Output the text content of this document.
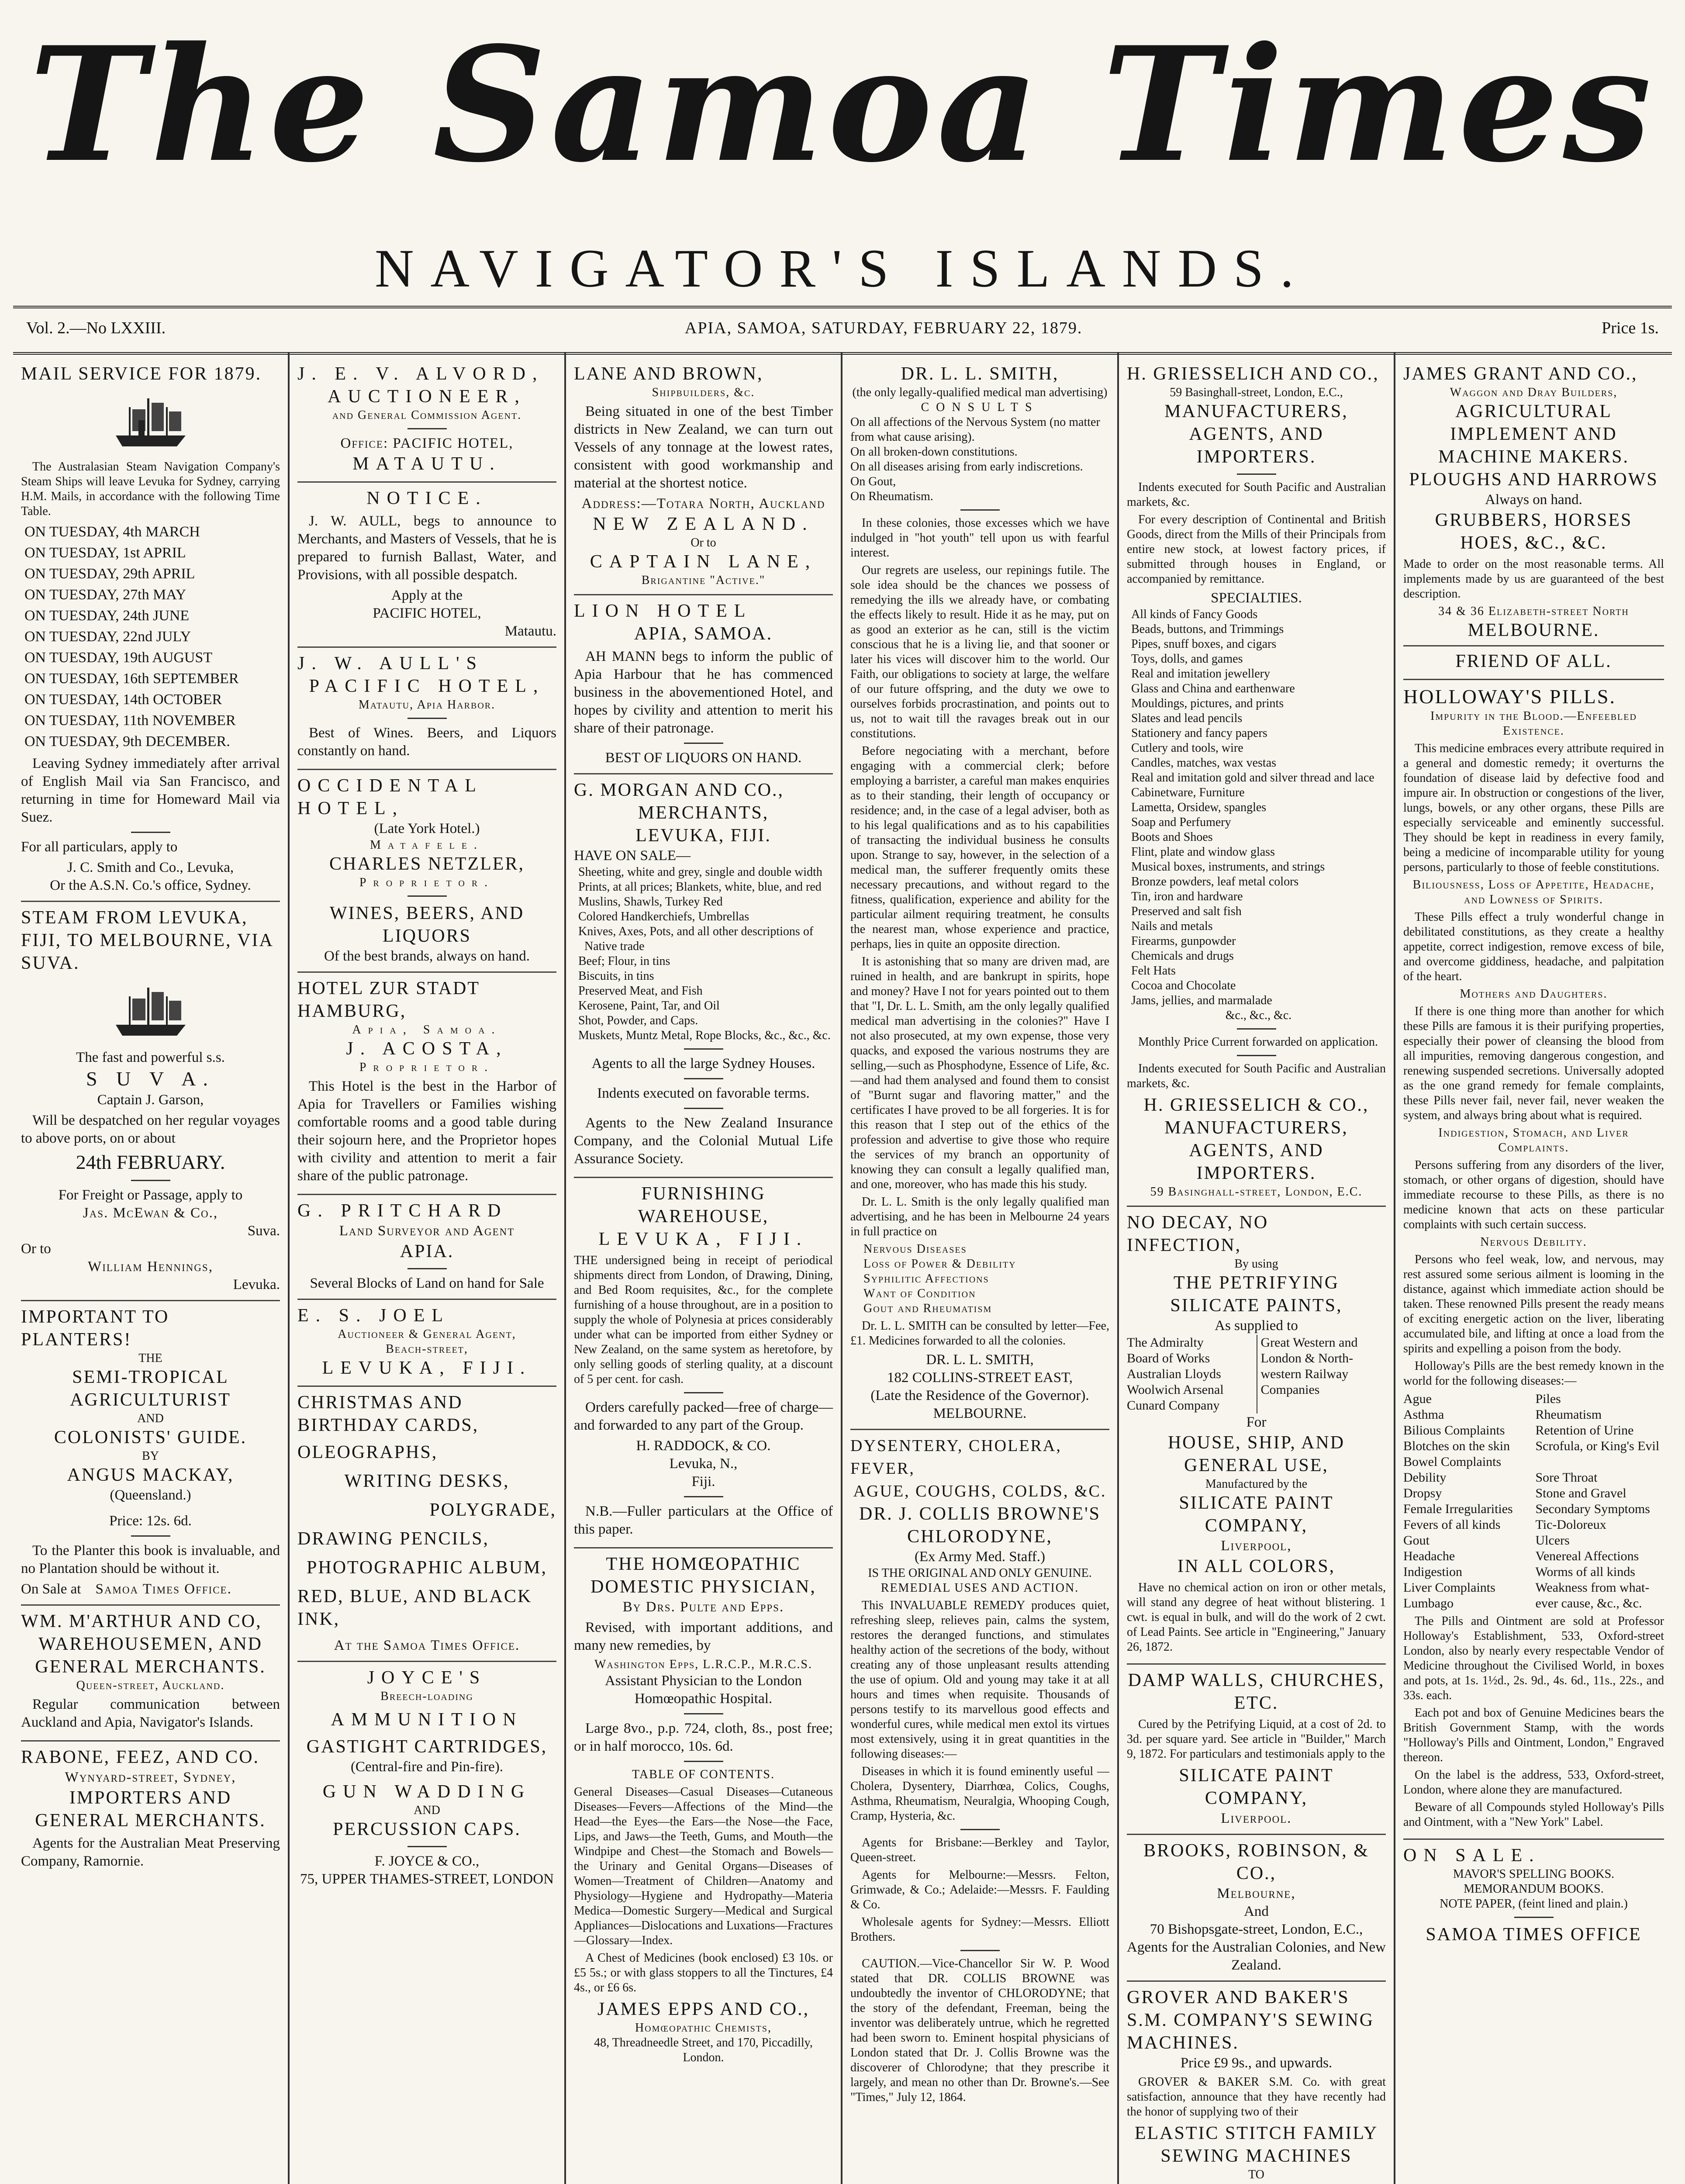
The Samoa Times
NAVIGATOR'S ISLANDS.
Vol. 2.—No LXXIII.	APIA, SAMOA, SATURDAY, FEBRUARY 22, 1879.	Price 1s.
MAIL SERVICE FOR 1879.
The Australasian Steam Navigation Company's Steam Ships will leave Levuka for Sydney, carrying H.M. Mails, in accordance with the following Time Table.
ON TUESDAY, 4th MARCH
ON TUESDAY, 1st APRIL
ON TUESDAY, 29th APRIL
ON TUESDAY, 27th MAY
ON TUESDAY, 24th JUNE
ON TUESDAY, 22nd JULY
ON TUESDAY, 19th AUGUST
ON TUESDAY, 16th SEPTEMBER
ON TUESDAY, 14th OCTOBER
ON TUESDAY, 11th NOVEMBER
ON TUESDAY, 9th DECEMBER.
Leaving Sydney immediately after arrival of English Mail via San Francisco, and returning in time for Homeward Mail via Suez.
For all particulars, apply to
J. C. Smith and Co., Levuka,
Or the A.S.N. Co.'s office, Sydney.
STEAM FROM LEVUKA, FIJI, TO MELBOURNE, VIA SUVA.
The fast and powerful s.s.
S U V A.
Captain J. Garson,
Will be despatched on her regular voyages to above ports, on or about
24th FEBRUARY.
For Freight or Passage, apply to
Jas. McEwan & Co.,
Suva.
Or to
William Hennings,
Levuka.
IMPORTANT TO PLANTERS!
THE
SEMI-TROPICAL AGRICULTURIST
AND
COLONISTS' GUIDE.
BY
ANGUS MACKAY,
(Queensland.)
Price: 12s. 6d.
To the Planter this book is invaluable, and no Plantation should be without it.
On Sale at Samoa Times Office.
WM. M'ARTHUR AND CO,
WAREHOUSEMEN, AND GENERAL MERCHANTS.
Queen-street, Auckland.
Regular communication between Auckland and Apia, Navigator's Islands.
RABONE, FEEZ, AND CO.
Wynyard-street, Sydney,
IMPORTERS AND GENERAL MERCHANTS.
Agents for the Australian Meat Preserving Company, Ramornie.
J. E. V. ALVORD,
AUCTIONEER,
and General Commission Agent.
Office: PACIFIC HOTEL,
MATAUTU.
NOTICE.
J. W. AULL, begs to announce to Merchants, and Masters of Vessels, that he is prepared to furnish Ballast, Water, and Provisions, with all possible despatch.
Apply at the
PACIFIC HOTEL,
Matautu.
J. W. AULL'S
PACIFIC HOTEL,
Matautu, Apia Harbor.
Best of Wines. Beers, and Liquors constantly on hand.
OCCIDENTAL HOTEL,
(Late York Hotel.)
Matafele.
CHARLES NETZLER,
Proprietor.
WINES, BEERS, AND LIQUORS
Of the best brands, always on hand.
HOTEL ZUR STADT HAMBURG,
Apia, Samoa.
J. ACOSTA,
Proprietor.
This Hotel is the best in the Harbor of Apia for Travellers or Families wishing comfortable rooms and a good table during their sojourn here, and the Proprietor hopes with civility and attention to merit a fair share of the public patronage.
G. PRITCHARD
Land Surveyor and Agent
APIA.
Several Blocks of Land on hand for Sale
E. S. JOEL
Auctioneer & General Agent,
Beach-street,
LEVUKA, FIJI.
CHRISTMAS AND BIRTHDAY CARDS,
OLEOGRAPHS,
WRITING DESKS,
POLYGRADE,
DRAWING PENCILS,
PHOTOGRAPHIC ALBUM,
RED, BLUE, AND BLACK INK,
At the Samoa Times Office.
JOYCE'S
Breech-loading
AMMUNITION
GASTIGHT CARTRIDGES,
(Central-fire and Pin-fire).
GUN WADDING
AND
PERCUSSION CAPS.
F. JOYCE & CO.,
75, UPPER THAMES-STREET, LONDON
LANE AND BROWN,
Shipbuilders, &c.
Being situated in one of the best Timber districts in New Zealand, we can turn out Vessels of any tonnage at the lowest rates, consistent with good workmanship and material at the shortest notice.
Address:—Totara North, Auckland
NEW ZEALAND.
Or to
CAPTAIN LANE,
Brigantine "Active."
LION HOTEL
APIA, SAMOA.
AH MANN begs to inform the public of Apia Harbour that he has commenced business in the abovementioned Hotel, and hopes by civility and attention to merit his share of their patronage.
BEST OF LIQUORS ON HAND.
G. MORGAN AND CO.,
MERCHANTS,
LEVUKA, FIJI.
HAVE ON SALE—
Sheeting, white and grey, single and double width
Prints, at all prices; Blankets, white, blue, and red
Muslins, Shawls, Turkey Red
Colored Handkerchiefs, Umbrellas
Knives, Axes, Pots, and all other descriptions of Native trade
Beef; Flour, in tins
Biscuits, in tins
Preserved Meat, and Fish
Kerosene, Paint, Tar, and Oil
Shot, Powder, and Caps.
Muskets, Muntz Metal, Rope Blocks, &c., &c., &c.
Agents to all the large Sydney Houses.
Indents executed on favorable terms.
Agents to the New Zealand Insurance Company, and the Colonial Mutual Life Assurance Society.
FURNISHING WAREHOUSE,
LEVUKA, FIJI.
THE undersigned being in receipt of periodical shipments direct from London, of Drawing, Dining, and Bed Room requisites, &c., for the complete furnishing of a house throughout, are in a position to supply the whole of Polynesia at prices considerably under what can be imported from either Sydney or New Zealand, on the same system as heretofore, by only selling goods of sterling quality, at a discount of 5 per cent. for cash.
Orders carefully packed—free of charge—and forwarded to any part of the Group.
H. RADDOCK, & CO.
Levuka, N.,
Fiji.
N.B.—Fuller particulars at the Office of this paper.
THE HOMŒOPATHIC DOMESTIC PHYSICIAN,
By Drs. Pulte and Epps.
Revised, with important additions, and many new remedies, by
Washington Epps, L.R.C.P., M.R.C.S.
Assistant Physician to the London Homœopathic Hospital.
Large 8vo., p.p. 724, cloth, 8s., post free; or in half morocco, 10s. 6d.
TABLE OF CONTENTS.
General Diseases—Casual Diseases—Cutaneous Diseases—Fevers—Affections of the Mind—the Head—the Eyes—the Ears—the Nose—the Face, Lips, and Jaws—the Teeth, Gums, and Mouth—the Windpipe and Chest—the Stomach and Bowels—the Urinary and Genital Organs—Diseases of Women—Treatment of Children—Anatomy and Physiology—Hygiene and Hydropathy—Materia Medica—Domestic Surgery—Medical and Surgical Appliances—Dislocations and Luxations—Fractures—Glossary—Index.
A Chest of Medicines (book enclosed) £3 10s. or £5 5s.; or with glass stoppers to all the Tinctures, £4 4s., or £6 6s.
JAMES EPPS AND CO.,
Homœopathic Chemists,
48, Threadneedle Street, and 170, Piccadilly, London.
DR. L. L. SMITH,
(the only legally-qualified medical man advertising)
CONSULTS
On all affections of the Nervous System (no matter from what cause arising).
On all broken-down constitutions.
On all diseases arising from early indiscretions.
On Gout,
On Rheumatism.
In these colonies, those excesses which we have indulged in "hot youth" tell upon us with fearful interest.
Our regrets are useless, our repinings futile. The sole idea should be the chances we possess of remedying the ills we already have, or combating the effects likely to result. Hide it as he may, put on as good an exterior as he can, still is the victim conscious that he is a living lie, and that sooner or later his vices will discover him to the world. Our Faith, our obligations to society at large, the welfare of our future offspring, and the duty we owe to ourselves forbids procrastination, and points out to us, not to wait till the ravages break out in our constitutions.
Before negociating with a merchant, before engaging with a commercial clerk; before employing a barrister, a careful man makes enquiries as to their standing, their length of occupancy or residence; and, in the case of a legal adviser, both as to his legal qualifications and as to his capabilities of transacting the individual business he consults upon. Strange to say, however, in the selection of a medical man, the sufferer frequently omits these necessary precautions, and without regard to the fitness, qualification, experience and ability for the particular ailment requiring treatment, he consults the nearest man, whose experience and practice, perhaps, lies in quite an opposite direction.
It is astonishing that so many are driven mad, are ruined in health, and are bankrupt in spirits, hope and money? Have I not for years pointed out to them that "I, Dr. L. L. Smith, am the only legally qualified medical man advertising in the colonies?" Have I not also prosecuted, at my own expense, those very quacks, and exposed the various nostrums they are selling,—such as Phosphodyne, Essence of Life, &c.—and had them analysed and found them to consist of "Burnt sugar and flavoring matter," and the certificates I have proved to be all forgeries. It is for this reason that I step out of the ethics of the profession and advertise to give those who require the services of my branch an opportunity of knowing they can consult a legally qualified man, and one, moreover, who has made this his study.
Dr. L. L. Smith is the only legally qualified man advertising, and he has been in Melbourne 24 years in full practice on
Nervous Diseases
Loss of Power & Debility
Syphilitic Affections
Want of Condition
Gout and Rheumatism
Dr. L. L. SMITH can be consulted by letter—Fee, £1. Medicines forwarded to all the colonies.
DR. L. L. SMITH,
182 COLLINS-STREET EAST,
(Late the Residence of the Governor).
MELBOURNE.
DYSENTERY, CHOLERA, FEVER,
AGUE, COUGHS, COLDS, &C.
DR. J. COLLIS BROWNE'S CHLORODYNE,
(Ex Army Med. Staff.)
IS THE ORIGINAL AND ONLY GENUINE.
REMEDIAL USES AND ACTION.
This INVALUABLE REMEDY produces quiet, refreshing sleep, relieves pain, calms the system, restores the deranged functions, and stimulates healthy action of the secretions of the body, without creating any of those unpleasant results attending the use of opium. Old and young may take it at all hours and times when requisite. Thousands of persons testify to its marvellous good effects and wonderful cures, while medical men extol its virtues most extensively, using it in great quantities in the following diseases:—
Diseases in which it is found eminently useful — Cholera, Dysentery, Diarrhœa, Colics, Coughs, Asthma, Rheumatism, Neuralgia, Whooping Cough, Cramp, Hysteria, &c.
Agents for Brisbane:—Berkley and Taylor, Queen-street.
Agents for Melbourne:—Messrs. Felton, Grimwade, & Co.; Adelaide:—Messrs. F. Faulding & Co.
Wholesale agents for Sydney:—Messrs. Elliott Brothers.
CAUTION.—Vice-Chancellor Sir W. P. Wood stated that DR. COLLIS BROWNE was undoubtedly the inventor of CHLORODYNE; that the story of the defendant, Freeman, being the inventor was deliberately untrue, which he regretted had been sworn to. Eminent hospital physicians of London stated that Dr. J. Collis Browne was the discoverer of Chlorodyne; that they prescribe it largely, and mean no other than Dr. Browne's.—See "Times," July 12, 1864.
H. GRIESSELICH AND CO.,
59 Basinghall-street, London, E.C.,
MANUFACTURERS, AGENTS, AND IMPORTERS.
Indents executed for South Pacific and Australian markets, &c.
For every description of Continental and British Goods, direct from the Mills of their Principals from entire new stock, at lowest factory prices, if submitted through houses in England, or accompanied by remittance.
SPECIALTIES.
All kinds of Fancy Goods
Beads, buttons, and Trimmings
Pipes, snuff boxes, and cigars
Toys, dolls, and games
Real and imitation jewellery
Glass and China and earthenware
Mouldings, pictures, and prints
Slates and lead pencils
Stationery and fancy papers
Cutlery and tools, wire
Candles, matches, wax vestas
Real and imitation gold and silver thread and lace
Cabinetware, Furniture
Lametta, Orsidew, spangles
Soap and Perfumery
Boots and Shoes
Flint, plate and window glass
Musical boxes, instruments, and strings
Bronze powders, leaf metal colors
Tin, iron and hardware
Preserved and salt fish
Nails and metals
Firearms, gunpowder
Chemicals and drugs
Felt Hats
Cocoa and Chocolate
Jams, jellies, and marmalade
&c., &c., &c.
Monthly Price Current forwarded on application.
Indents executed for South Pacific and Australian markets, &c.
H. GRIESSELICH & CO.,
MANUFACTURERS, AGENTS, AND IMPORTERS.
59 Basinghall-street, London, E.C.
NO DECAY, NO INFECTION,
By using
THE PETRIFYING SILICATE PAINTS,
As supplied to
The Admiralty
Board of Works
Australian Lloyds
Woolwich Arsenal
Cunard Company
Great Western and
London & North-
western Railway
Companies
For
HOUSE, SHIP, AND GENERAL USE,
Manufactured by the
SILICATE PAINT COMPANY,
Liverpool,
IN ALL COLORS,
Have no chemical action on iron or other metals, will stand any degree of heat without blistering. 1 cwt. is equal in bulk, and will do the work of 2 cwt. of Lead Paints. See article in "Engineering," January 26, 1872.
DAMP WALLS, CHURCHES, ETC.
Cured by the Petrifying Liquid, at a cost of 2d. to 3d. per square yard. See article in "Builder," March 9, 1872. For particulars and testimonials apply to the
SILICATE PAINT COMPANY,
Liverpool.
BROOKS, ROBINSON, & CO.,
Melbourne,
And
70 Bishopsgate-street, London, E.C.,
Agents for the Australian Colonies, and New Zealand.
GROVER AND BAKER'S S.M. COMPANY'S SEWING MACHINES.
Price £9 9s., and upwards.
GROVER & BAKER S.M. Co. with great satisfaction, announce that they have recently had the honor of supplying two of their
ELASTIC STITCH FAMILY SEWING MACHINES
TO
JAMES GRANT AND CO.,
Waggon and Dray Builders,
AGRICULTURAL IMPLEMENT AND
MACHINE MAKERS.
PLOUGHS AND HARROWS
Always on hand.
GRUBBERS, HORSES HOES, &C., &C.
Made to order on the most reasonable terms. All implements made by us are guaranteed of the best description.
34 & 36 Elizabeth-street North
MELBOURNE.
FRIEND OF ALL.
HOLLOWAY'S PILLS.
Impurity in the Blood.—Enfeebled Existence.
This medicine embraces every attribute required in a general and domestic remedy; it overturns the foundation of disease laid by defective food and impure air. In obstruction or congestions of the liver, lungs, bowels, or any other organs, these Pills are especially serviceable and eminently successful. They should be kept in readiness in every family, being a medicine of incomparable utility for young persons, particularly to those of feeble constitutions.
Biliousness, Loss of Appetite, Headache, and Lowness of Spirits.
These Pills effect a truly wonderful change in debilitated constitutions, as they create a healthy appetite, correct indigestion, remove excess of bile, and overcome giddiness, headache, and palpitation of the heart.
Mothers and Daughters.
If there is one thing more than another for which these Pills are famous it is their purifying properties, especially their power of cleansing the blood from all impurities, removing dangerous congestion, and renewing suspended secretions. Universally adopted as the one grand remedy for female complaints, these Pills never fail, never fail, never weaken the system, and always bring about what is required.
Indigestion, Stomach, and Liver Complaints.
Persons suffering from any disorders of the liver, stomach, or other organs of digestion, should have immediate recourse to these Pills, as there is no medicine known that acts on these particular complaints with such certain success.
Nervous Debility.
Persons who feel weak, low, and nervous, may rest assured some serious ailment is looming in the distance, against which immediate action should be taken. These renowned Pills present the ready means of exciting energetic action on the liver, liberating accumulated bile, and lifting at once a load from the spirits and expelling a poison from the body.
Holloway's Pills are the best remedy known in the world for the following diseases:—
Ague	Piles
Asthma	Rheumatism
Bilious Complaints	Retention of Urine
Blotches on the skin	Scrofula, or King's Evil
Bowel Complaints
Debility	Sore Throat
Dropsy	Stone and Gravel
Female Irregularities	Secondary Symptoms
Fevers of all kinds	Tic-Doloreux
Gout	Ulcers
Headache	Venereal Affections
Indigestion	Worms of all kinds
Liver Complaints	Weakness from what-
Lumbago	ever cause, &c., &c.
The Pills and Ointment are sold at Professor Holloway's Establishment, 533, Oxford-street London, also by nearly every respectable Vendor of Medicine throughout the Civilised World, in boxes and pots, at 1s. 1½d., 2s. 9d., 4s. 6d., 11s., 22s., and 33s. each.
Each pot and box of Genuine Medicines bears the British Government Stamp, with the words "Holloway's Pills and Ointment, London," Engraved thereon.
On the label is the address, 533, Oxford-street, London, where alone they are manufactured.
Beware of all Compounds styled Holloway's Pills and Ointment, with a "New York" Label.
ON SALE.
MAVOR'S SPELLING BOOKS.
MEMORANDUM BOOKS.
NOTE PAPER, (feint lined and plain.)
SAMOA TIMES OFFICE
